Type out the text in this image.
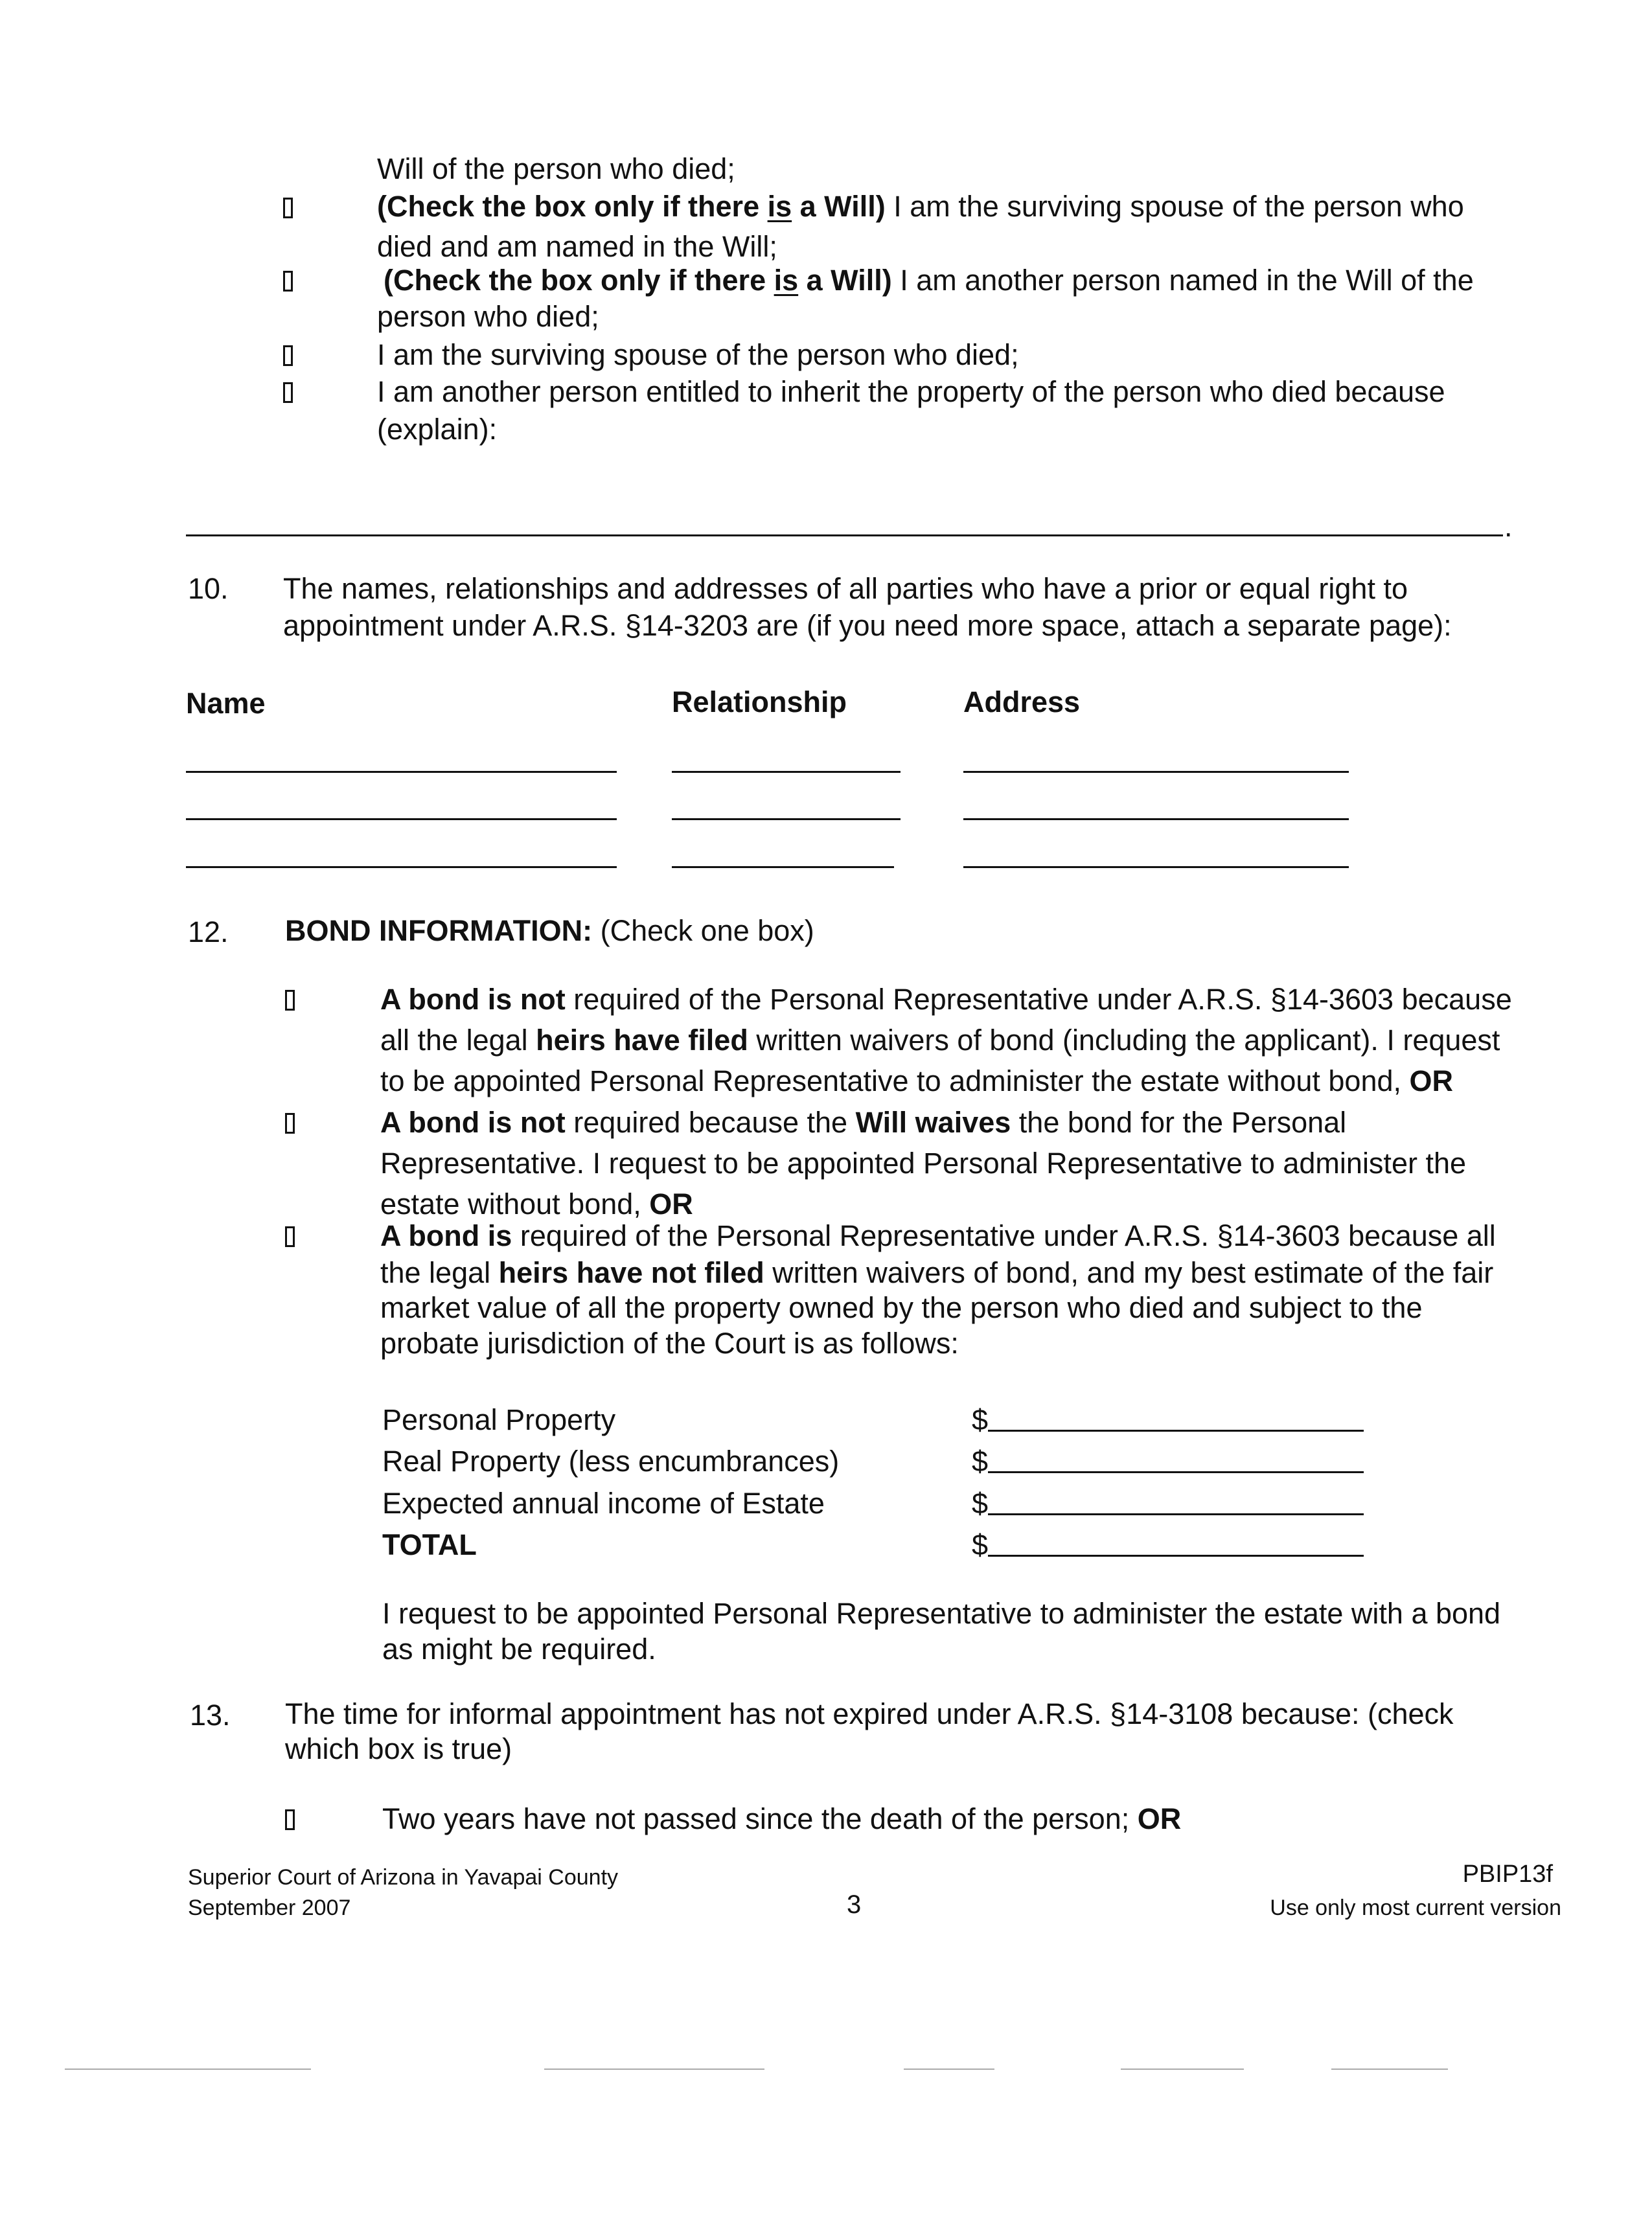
Will of the person who died;
(Check the box only if there is a Will) I am the surviving spouse of the person who
died and am named in the Will;
(Check the box only if there is a Will) I am another person named in the Will of the
person who died;
I am the surviving spouse of the person who died;
I am another person entitled to inherit the property of the person who died because
(explain):
.
10. The names, relationships and addresses of all parties who have a prior or equal right to
appointment under A.R.S. §14-3203 are (if you need more space, attach a separate page):
Name	Relationship	Address
12. BOND INFORMATION: (Check one box)
A bond is not required of the Personal Representative under A.R.S. §14-3603 because
all the legal heirs have filed written waivers of bond (including the applicant). I request
to be appointed Personal Representative to administer the estate without bond, OR
A bond is not required because the Will waives the bond for the Personal
Representative. I request to be appointed Personal Representative to administer the
estate without bond, OR
A bond is required of the Personal Representative under A.R.S. §14-3603 because all
the legal heirs have not filed written waivers of bond, and my best estimate of the fair
market value of all the property owned by the person who died and subject to the
probate jurisdiction of the Court is as follows:
Personal Property	$
Real Property (less encumbrances)	$
Expected annual income of Estate	$
TOTAL	$
I request to be appointed Personal Representative to administer the estate with a bond
as might be required.
13. The time for informal appointment has not expired under A.R.S. §14-3108 because: (check
which box is true)
Two years have not passed since the death of the person; OR
Superior Court of Arizona in Yavapai County
September 2007	3
PBIP13f
Use only most current version
